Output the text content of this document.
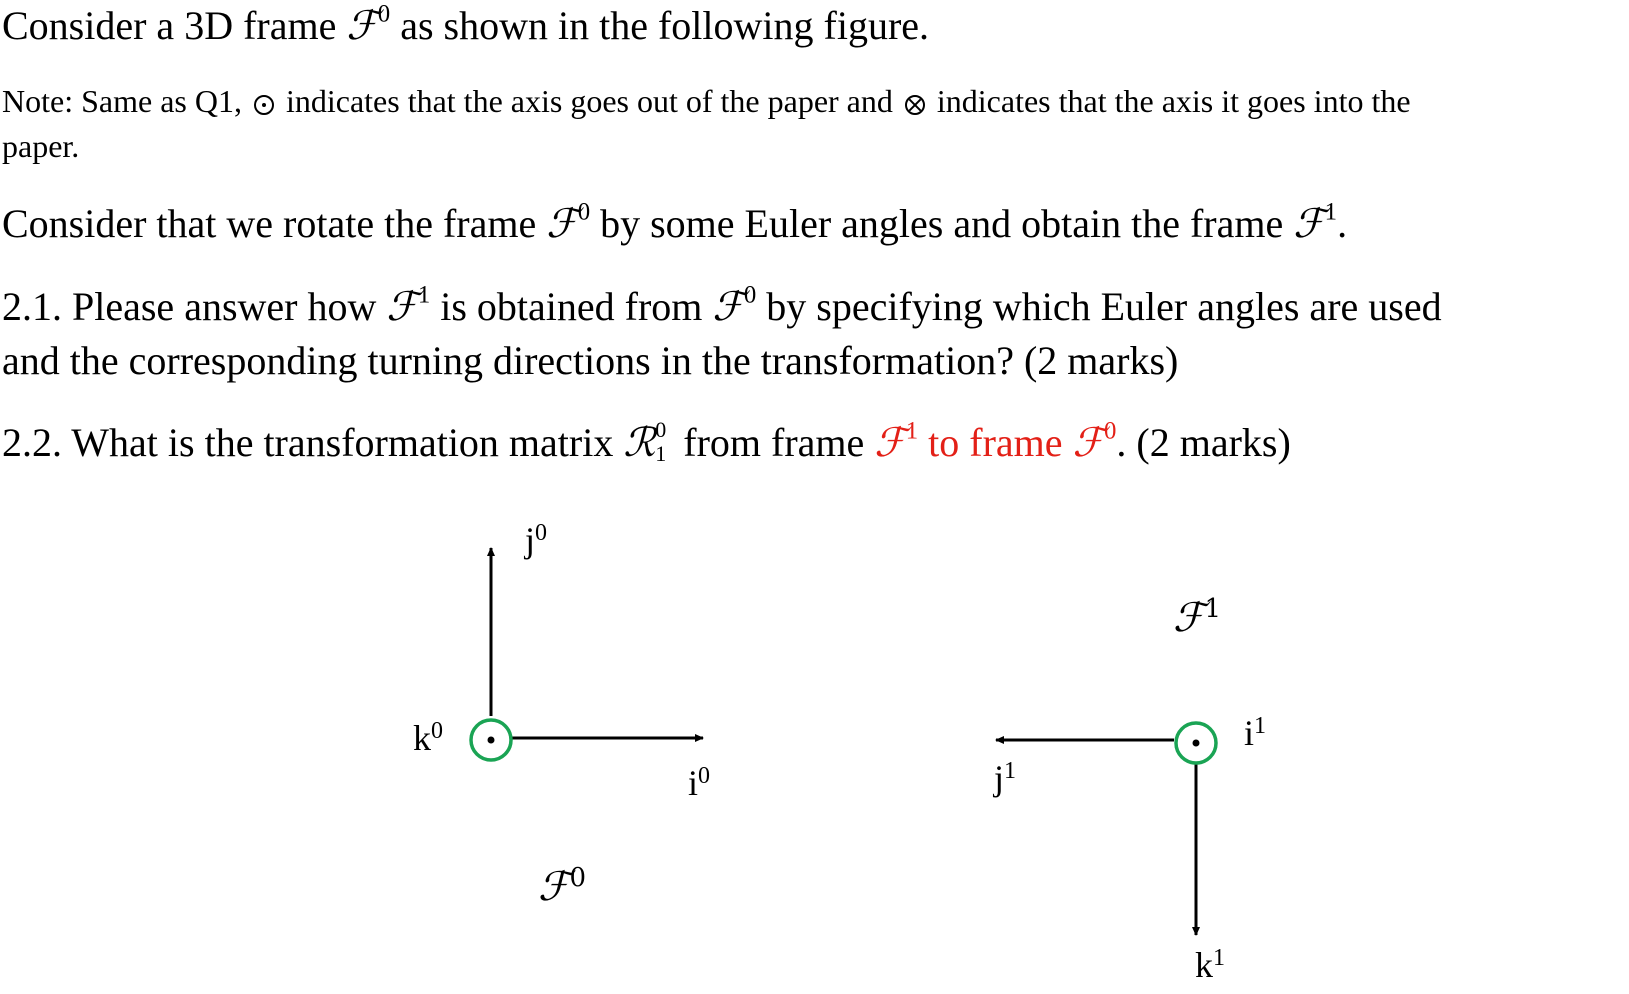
Consider a 3D frame ℱ$^0$ as shown in the following figure.
Note: Same as Q1,  indicates that the axis goes out of the paper and  indicates that the axis it goes into the
paper.
Consider that we rotate the frame ℱ$^0$ by some Euler angles and obtain the frame ℱ$^1$.
2.1. Please answer how ℱ$^1$ is obtained from ℱ$^0$ by specifying which Euler angles are used
and the corresponding turning directions in the transformation? (2 marks)
2.2. What is the transformation matrix ℛ 0
1 from frame ℱ$^1$ to frame ℱ$^0$. (2 marks)
$j^0$
$k^0$
$i^0$
ℱ$^0$
ℱ$^1$
$i^1$
$j^1$
$k^1$
